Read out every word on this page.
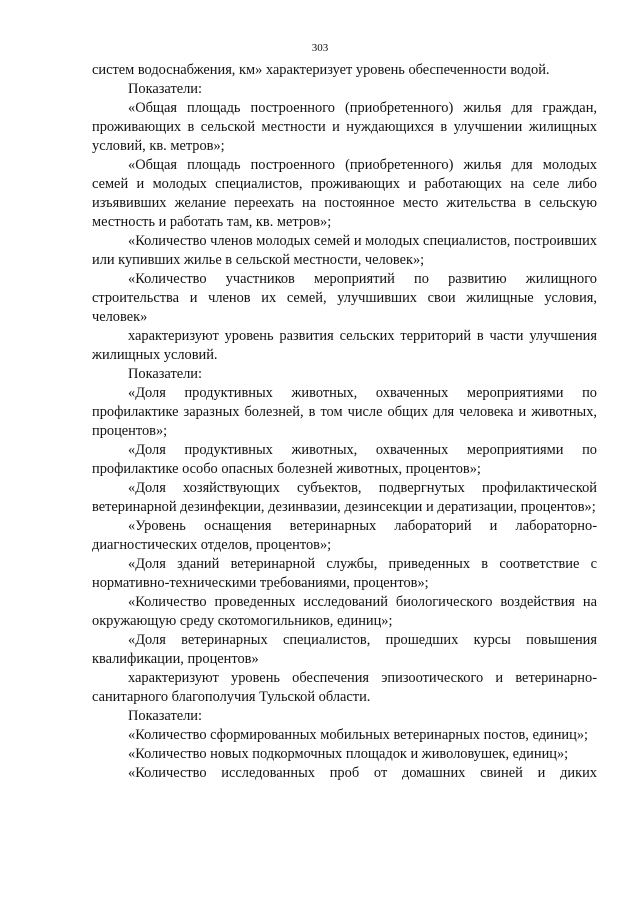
303

систем водоснабжения, км» характеризует уровень обеспеченности водой.

Показатели:

«Общая площадь построенного (приобретенного) жилья для граждан, проживающих в сельской местности и нуждающихся в улучшении жилищных условий, кв. метров»;

«Общая площадь построенного (приобретенного) жилья для молодых семей и молодых специалистов, проживающих и работающих на селе либо изъявивших желание переехать на постоянное место жительства в сельскую местность и работать там, кв. метров»;

«Количество членов молодых семей и молодых специалистов, построивших или купивших жилье в сельской местности, человек»;

«Количество участников мероприятий по развитию жилищного строительства и членов их семей, улучшивших свои жилищные условия, человек»

характеризуют уровень развития сельских территорий в части улучшения жилищных условий.

Показатели:

«Доля продуктивных животных, охваченных мероприятиями по профилактике заразных болезней, в том числе общих для человека и животных, процентов»;

«Доля продуктивных животных, охваченных мероприятиями по профилактике особо опасных болезней животных, процентов»;

«Доля хозяйствующих субъектов, подвергнутых профилактической ветеринарной дезинфекции, дезинвазии, дезинсекции и дератизации, процентов»;

«Уровень оснащения ветеринарных лабораторий и лабораторно-диагностических отделов, процентов»;

«Доля зданий ветеринарной службы, приведенных в соответствие с нормативно-техническими требованиями, процентов»;

«Количество проведенных исследований биологического воздействия на окружающую среду скотомогильников, единиц»;

«Доля ветеринарных специалистов, прошедших курсы повышения квалификации, процентов»

характеризуют уровень обеспечения эпизоотического и ветеринарно-санитарного благополучия Тульской области.

Показатели:

«Количество сформированных мобильных ветеринарных постов, единиц»;

«Количество новых подкормочных площадок и живоловушек, единиц»;

«Количество исследованных проб от домашних свиней и диких
